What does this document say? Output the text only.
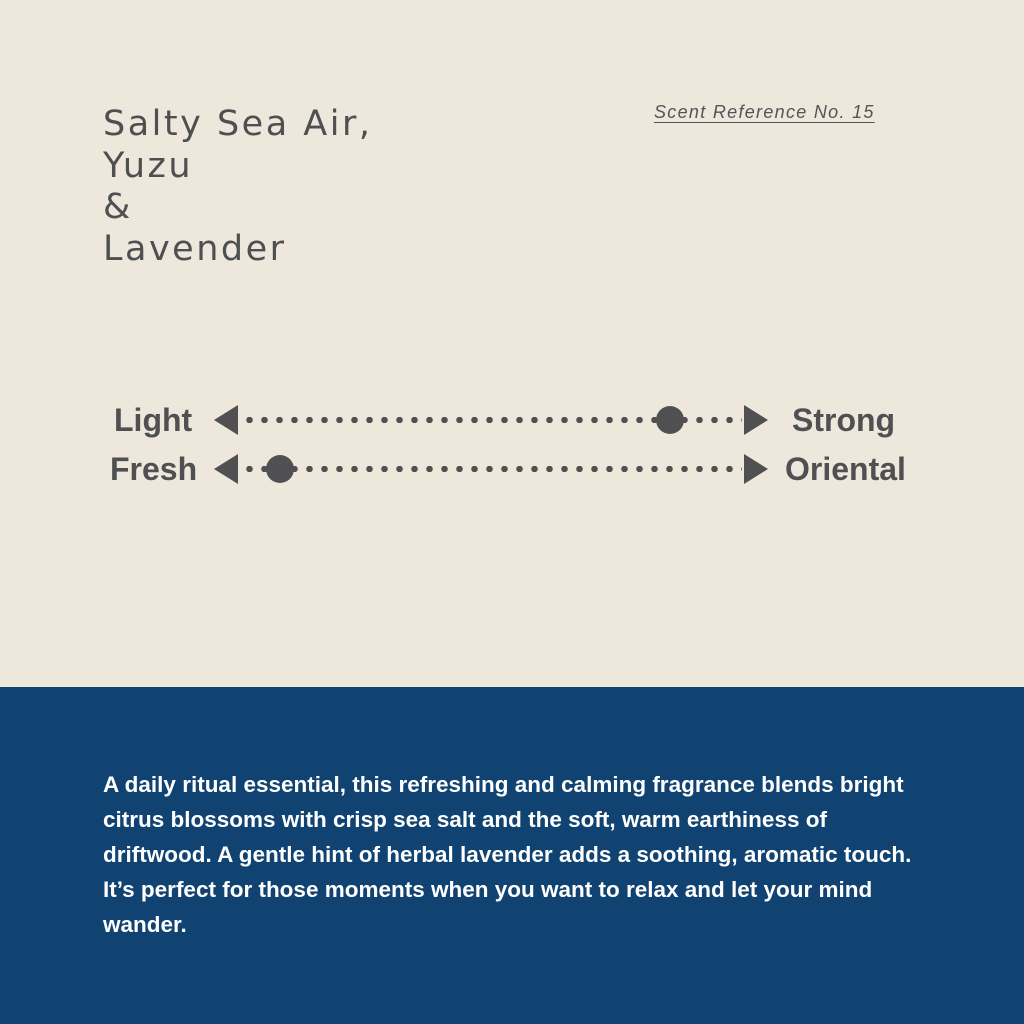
Salty Sea Air,
Yuzu
&
Lavender
Scent Reference No. 15
Light	Strong
Fresh	Oriental

A daily ritual essential, this refreshing and calming fragrance blends bright citrus blossoms with crisp sea salt and the soft, warm earthiness of driftwood. A gentle hint of herbal lavender adds a soothing, aromatic touch. It’s perfect for those moments when you want to relax and let your mind wander.
